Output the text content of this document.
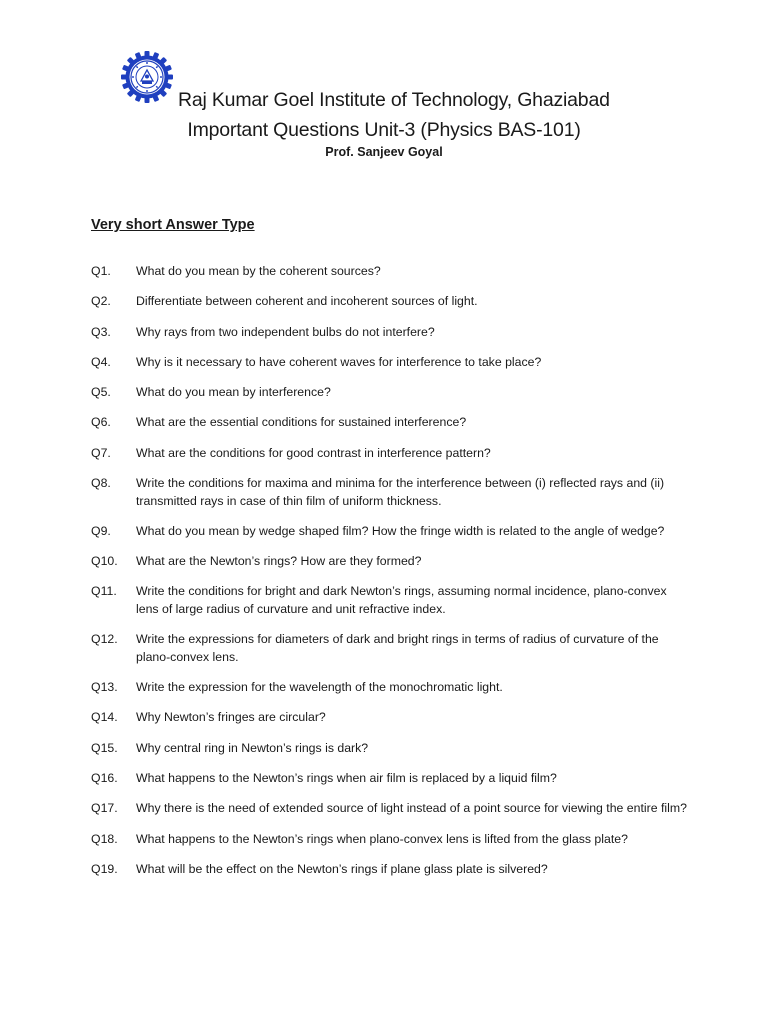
Raj Kumar Goel Institute of Technology, Ghaziabad
Important Questions Unit-3 (Physics BAS-101)
Prof. Sanjeev Goyal
Very short Answer Type
Q1.	What do you mean by the coherent sources?
Q2.	Differentiate between coherent and incoherent sources of light.
Q3.	Why rays from two independent bulbs do not interfere?
Q4.	Why is it necessary to have coherent waves for interference to take place?
Q5.	What do you mean by interference?
Q6.	What are the essential conditions for sustained interference?
Q7.	What are the conditions for good contrast in interference pattern?
Q8.	Write the conditions for maxima and minima for the interference between (i) reflected rays and (ii) transmitted rays in case of thin film of uniform thickness.
Q9.	What do you mean by wedge shaped film? How the fringe width is related to the angle of wedge?
Q10.	What are the Newton’s rings? How are they formed?
Q11.	Write the conditions for bright and dark Newton’s rings, assuming normal incidence, plano-convex lens of large radius of curvature and unit refractive index.
Q12.	Write the expressions for diameters of dark and bright rings in terms of radius of curvature of the plano-convex lens.
Q13.	Write the expression for the wavelength of the monochromatic light.
Q14.	Why Newton’s fringes are circular?
Q15.	Why central ring in Newton’s rings is dark?
Q16.	What happens to the Newton’s rings when air film is replaced by a liquid film?
Q17.	Why there is the need of extended source of light instead of a point source for viewing the entire film?
Q18.	What happens to the Newton’s rings when plano-convex lens is lifted from the glass plate?
Q19.	What will be the effect on the Newton’s rings if plane glass plate is silvered?
